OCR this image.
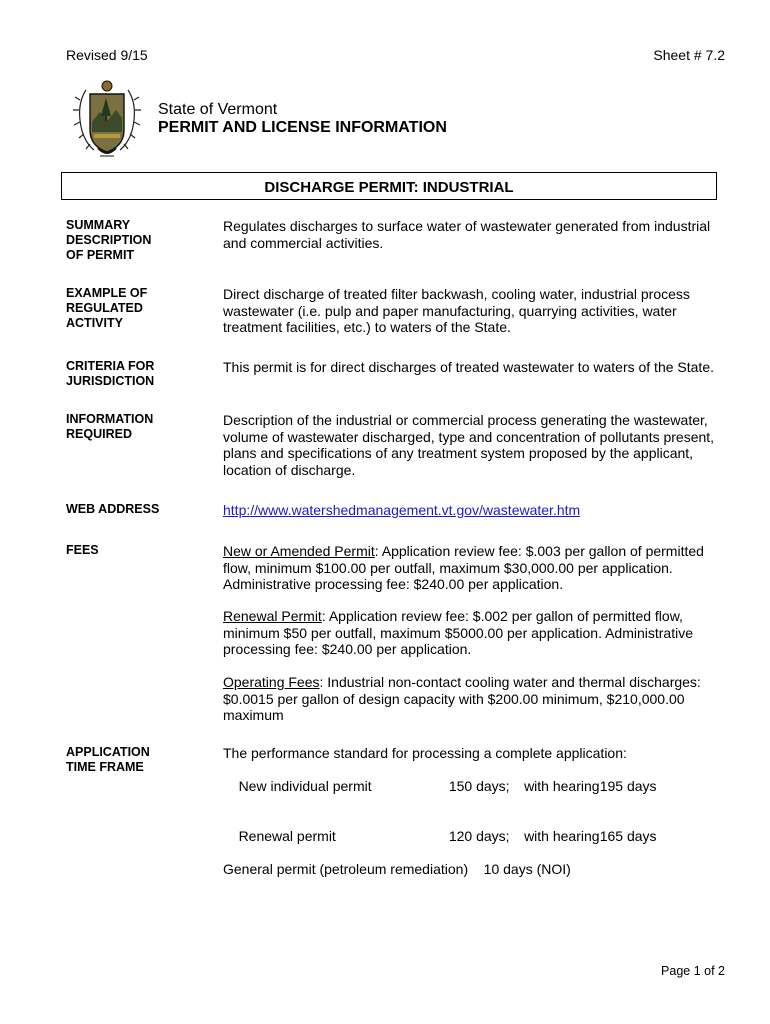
Revised 9/15	Sheet # 7.2
State of Vermont
PERMIT AND LICENSE INFORMATION
DISCHARGE PERMIT: INDUSTRIAL
SUMMARY DESCRIPTION OF PERMIT
Regulates discharges to surface water of wastewater generated from industrial and commercial activities.
EXAMPLE OF REGULATED ACTIVITY
Direct discharge of treated filter backwash, cooling water, industrial process wastewater (i.e. pulp and paper manufacturing, quarrying activities, water treatment facilities, etc.) to waters of the State.
CRITERIA FOR JURISDICTION
This permit is for direct discharges of treated wastewater to waters of the State.
INFORMATION REQUIRED
Description of the industrial or commercial process generating the wastewater, volume of wastewater discharged, type and concentration of pollutants present, plans and specifications of any treatment system proposed by the applicant, location of discharge.
WEB ADDRESS	http://www.watershedmanagement.vt.gov/wastewater.htm
FEES	New or Amended Permit: Application review fee: $.003 per gallon of permitted flow, minimum $100.00 per outfall, maximum $30,000.00 per application. Administrative processing fee: $240.00 per application.

Renewal Permit: Application review fee: $.002 per gallon of permitted flow, minimum $50 per outfall, maximum $5000.00 per application. Administrative processing fee: $240.00 per application.

Operating Fees: Industrial non-contact cooling water and thermal discharges: $0.0015 per gallon of design capacity with $200.00 minimum, $210,000.00 maximum

APPLICATION TIME FRAME

The performance standard for processing a complete application:

New individual permit	150 days; with hearing195 days

Renewal permit	120 days; with hearing165 days

General permit (petroleum remediation)    10 days (NOI)
Page 1 of 2
